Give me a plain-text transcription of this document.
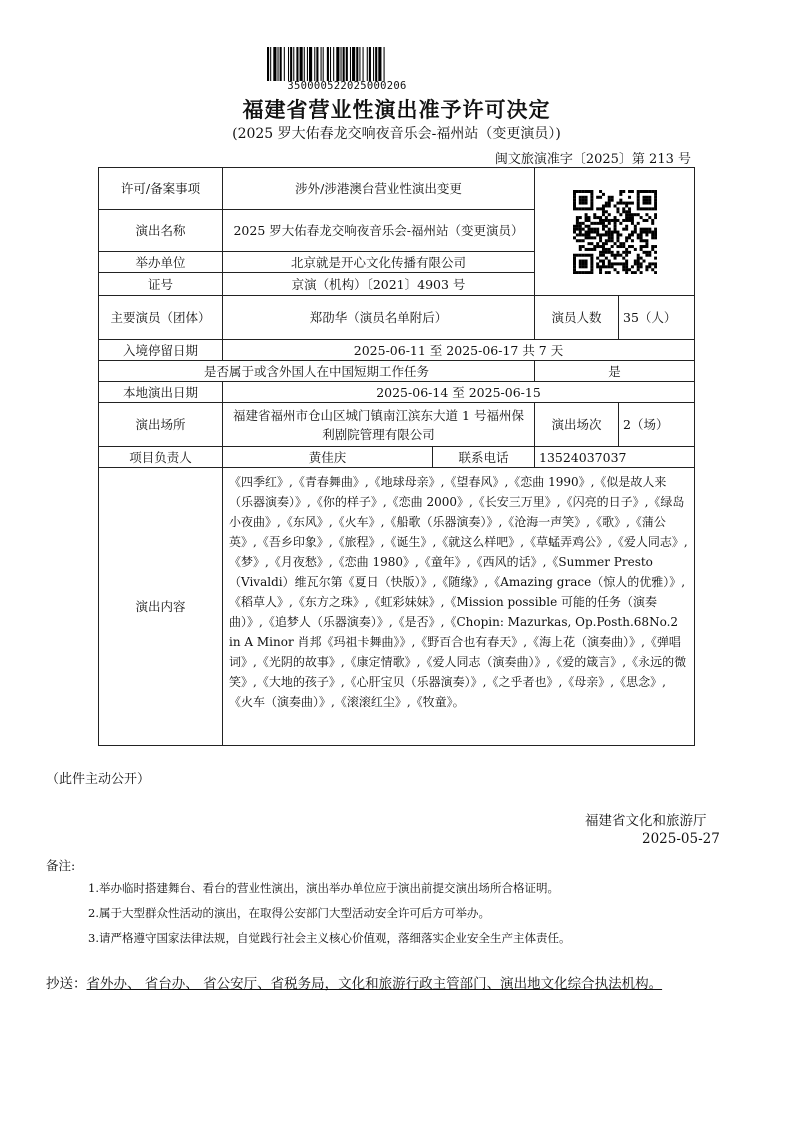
350000522025000206
福建省营业性演出准予许可决定
(2025 罗大佑春龙交响夜音乐会-福州站（变更演员）)
闽文旅演准字〔2025〕第 213 号
许可/备案事项	涉外/涉港澳台营业性演出变更	

演出名称	2025 罗大佑春龙交响夜音乐会-福州站（变更演员）			
举办单位	北京就是开心文化传播有限公司			
证号	京演（机构）〔2021〕4903 号			
主要演员（团体）	郑劭华（演员名单附后）		演员人数	35（人）
入境停留日期	2025-06-11 至 2025-06-17 共 7 天			
是否属于或含外国人在中国短期工作任务			是	
本地演出日期	2025-06-14 至 2025-06-15			
演出场所	福建省福州市仓山区城门镇南江滨东大道 1 号福州保利剧院管理有限公司		演出场次	2（场）
项目负责人	黄佳庆	联系电话	13524037037	
演出内容	《四季红》,《青春舞曲》,《地球母亲》,《望春风》,《恋曲 1990》,《似是故人来（乐器演奏）》,《你的样子》,《恋曲 2000》,《长安三万里》,《闪亮的日子》,《绿岛小夜曲》,《东风》,《火车》,《船歌（乐器演奏）》,《沧海一声笑》,《歌》,《蒲公英》,《吾乡印象》,《旅程》,《诞生》,《就这么样吧》,《草蜢弄鸡公》,《爱人同志》,《梦》,《月夜愁》,《恋曲 1980》,《童年》,《西风的话》,《Summer Presto（Vivaldi）维瓦尔第《夏日（快版）》,《随缘》,《Amazing grace（惊人的优雅）》,《稻草人》,《东方之珠》,《虹彩妹妹》,《Mission possible 可能的任务（演奏曲）》,《追梦人（乐器演奏）》,《是否》,《Chopin: Mazurkas, Op.Posth.68No.2 in A Minor 肖邦《玛祖卡舞曲》》,《野百合也有春天》,《海上花（演奏曲）》,《弹唱词》,《光阴的故事》,《康定情歌》,《爱人同志（演奏曲）》,《爱的箴言》,《永远的微笑》,《大地的孩子》,《心肝宝贝（乐器演奏）》,《之乎者也》,《母亲》,《思念》,《火车（演奏曲）》,《滚滚红尘》,《牧童》。			
（此件主动公开）
福建省文化和旅游厅
2025-05-27
备注:
1.举办临时搭建舞台、看台的营业性演出，演出举办单位应于演出前提交演出场所合格证明。
2.属于大型群众性活动的演出，在取得公安部门大型活动安全许可后方可举办。
3.请严格遵守国家法律法规，自觉践行社会主义核心价值观，落细落实企业安全生产主体责任。
抄送：省外办、 省台办、 省公安厅、省税务局，文化和旅游行政主管部门、演出地文化综合执法机构。
